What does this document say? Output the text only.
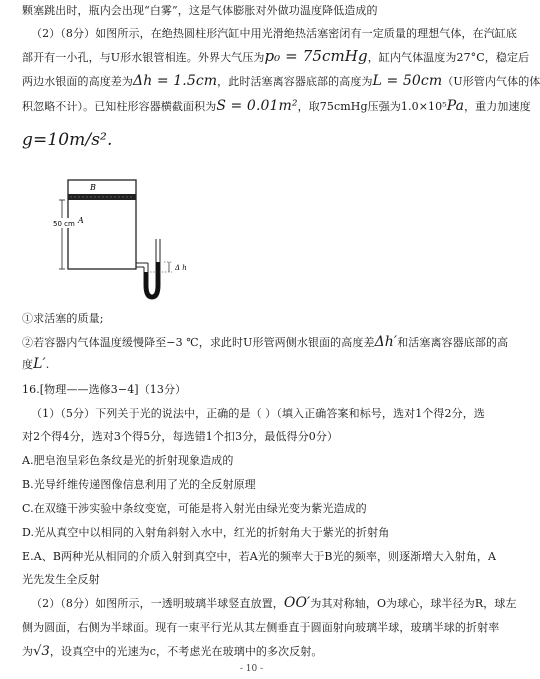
颗塞跳出时，瓶内会出现“白雾”，这是气体膨胀对外做功温度降低造成的
（2）（8分）如图所示，在绝热圆柱形汽缸中用光滑绝热活塞密闭有一定质量的理想气体，在汽缸底
部开有一小孔，与U形水银管相连。外界大气压为p₀ = 75cmHg，缸内气体温度为27°C，稳定后
两边水银面的高度差为Δh = 1.5cm，此时活塞离容器底部的高度为L = 50cm（U形管内气体的体
积忽略不计）。已知柱形容器横截面积为S = 0.01m²，取75cmHg压强为1.0×10⁵Pa，重力加速度
g=10m/s².
B
A
50 cm
Δ h
①求活塞的质量;
②若容器内气体温度缓慢降至−3 ℃，求此时U形管两侧水银面的高度差Δh′和活塞离容器底部的高
度L′.
16.[物理——选修3−4]（13分）
（1）（5分）下列关于光的说法中，正确的是（ ）（填入正确答案和标号，选对1个得2分，选
对2个得4分，选对3个得5分，每选错1个扣3分，最低得分0分）
A.肥皂泡呈彩色条纹是光的折射现象造成的
B.光导纤维传递图像信息利用了光的全反射原理
C.在双缝干涉实验中条纹变宽，可能是将入射光由绿光变为紫光造成的
D.光从真空中以相同的入射角斜射入水中，红光的折射角大于紫光的折射角
E.A、B两种光从相同的介质入射到真空中，若A光的频率大于B光的频率，则逐渐增大入射角，A
光先发生全反射
（2）（8分）如图所示，一透明玻璃半球竖直放置，OO′为其对称轴，O为球心，球半径为R，球左
侧为圆面，右侧为半球面。现有一束平行光从其左侧垂直于圆面射向玻璃半球，玻璃半球的折射率
为√3，设真空中的光速为c，不考虑光在玻璃中的多次反射。
- 10 -
